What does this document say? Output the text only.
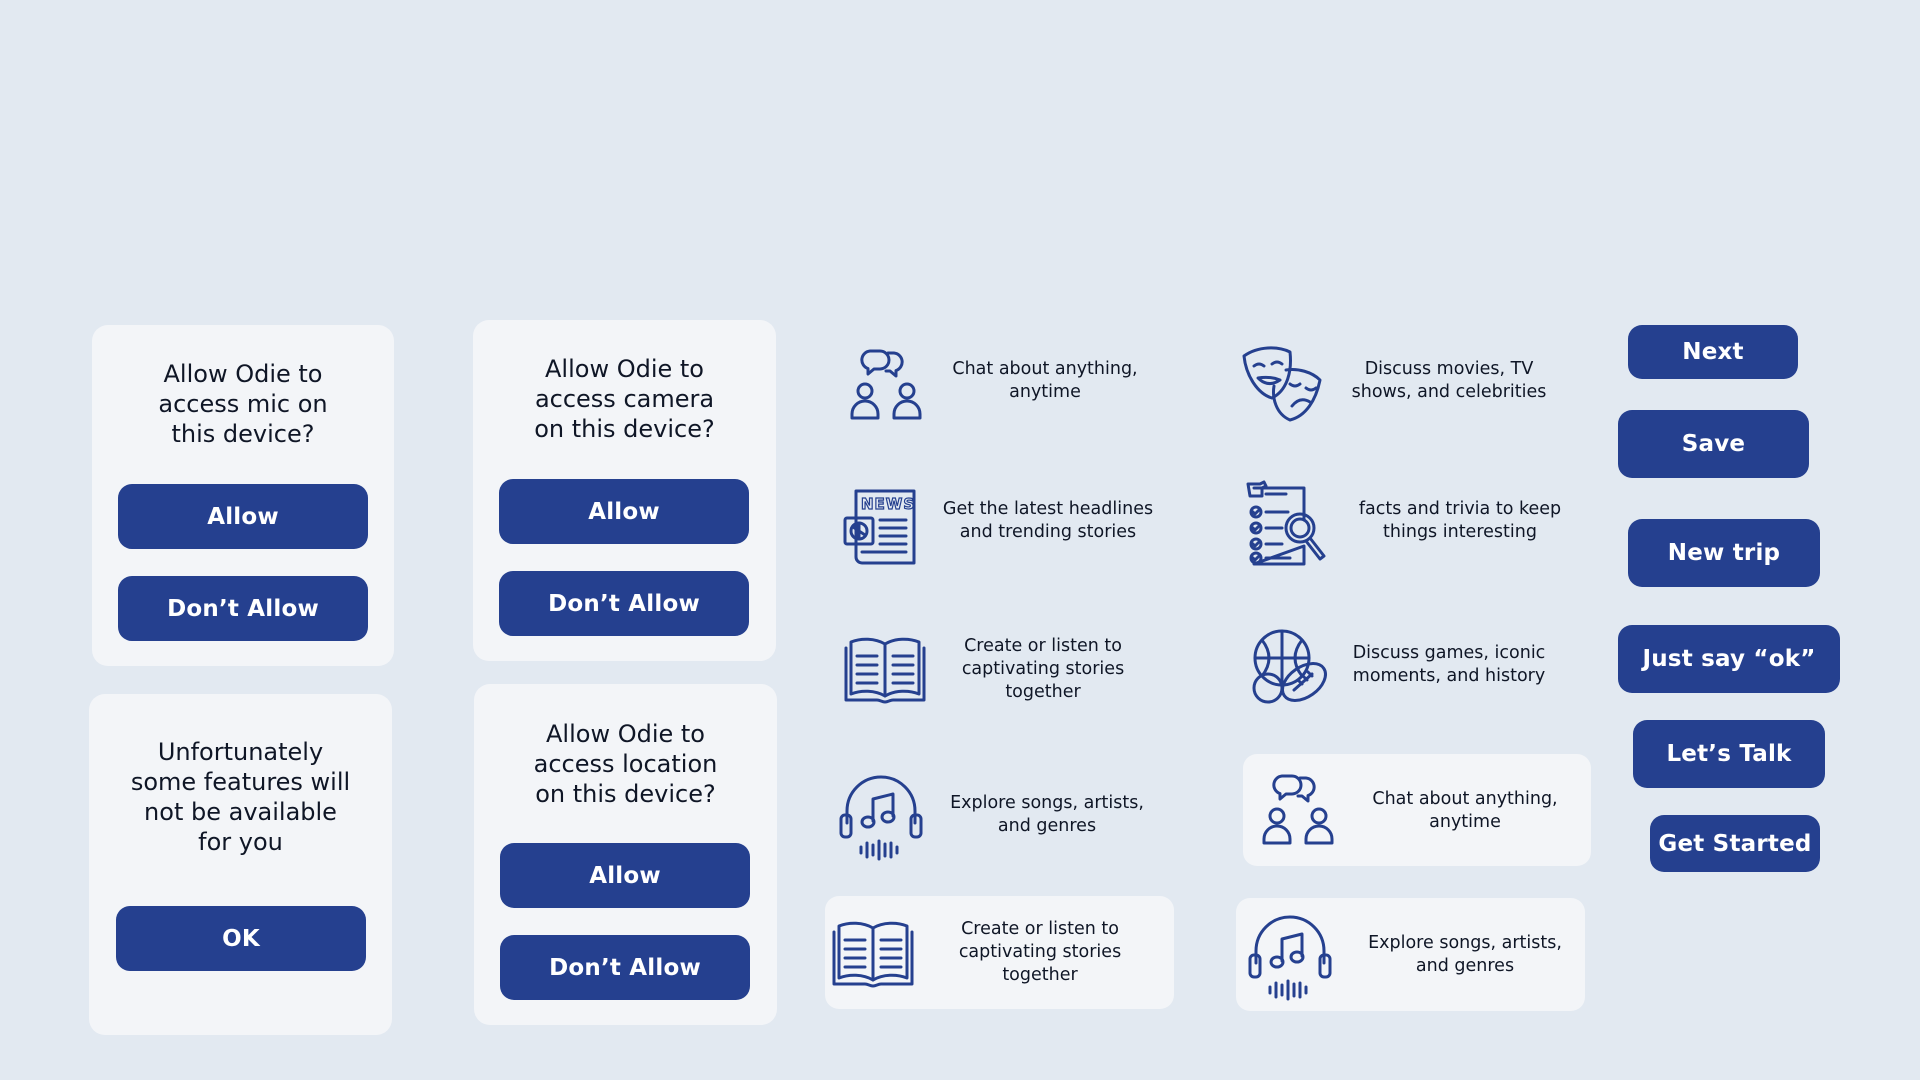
Allow Odie to
access mic on
this device?
Allow
Don’t Allow
Allow Odie to
access camera
on this device?
Allow
Don’t Allow
Unfortunately
some features will
not be available
for you
OK
Allow Odie to
access location
on this device?
Allow
Don’t Allow
Chat about anything,
anytime
NEWS	Get the latest headlines
and trending stories
Create or listen to
captivating stories
together
Explore songs, artists,
and genres
Create or listen to
captivating stories
together
Discuss movies, TV
shows, and celebrities
facts and trivia to keep
things interesting
Discuss games, iconic
moments, and history
Chat about anything,
anytime
Explore songs, artists,
and genres
Next
Save
New trip
Just say “ok”
Let’s Talk
Get Started
